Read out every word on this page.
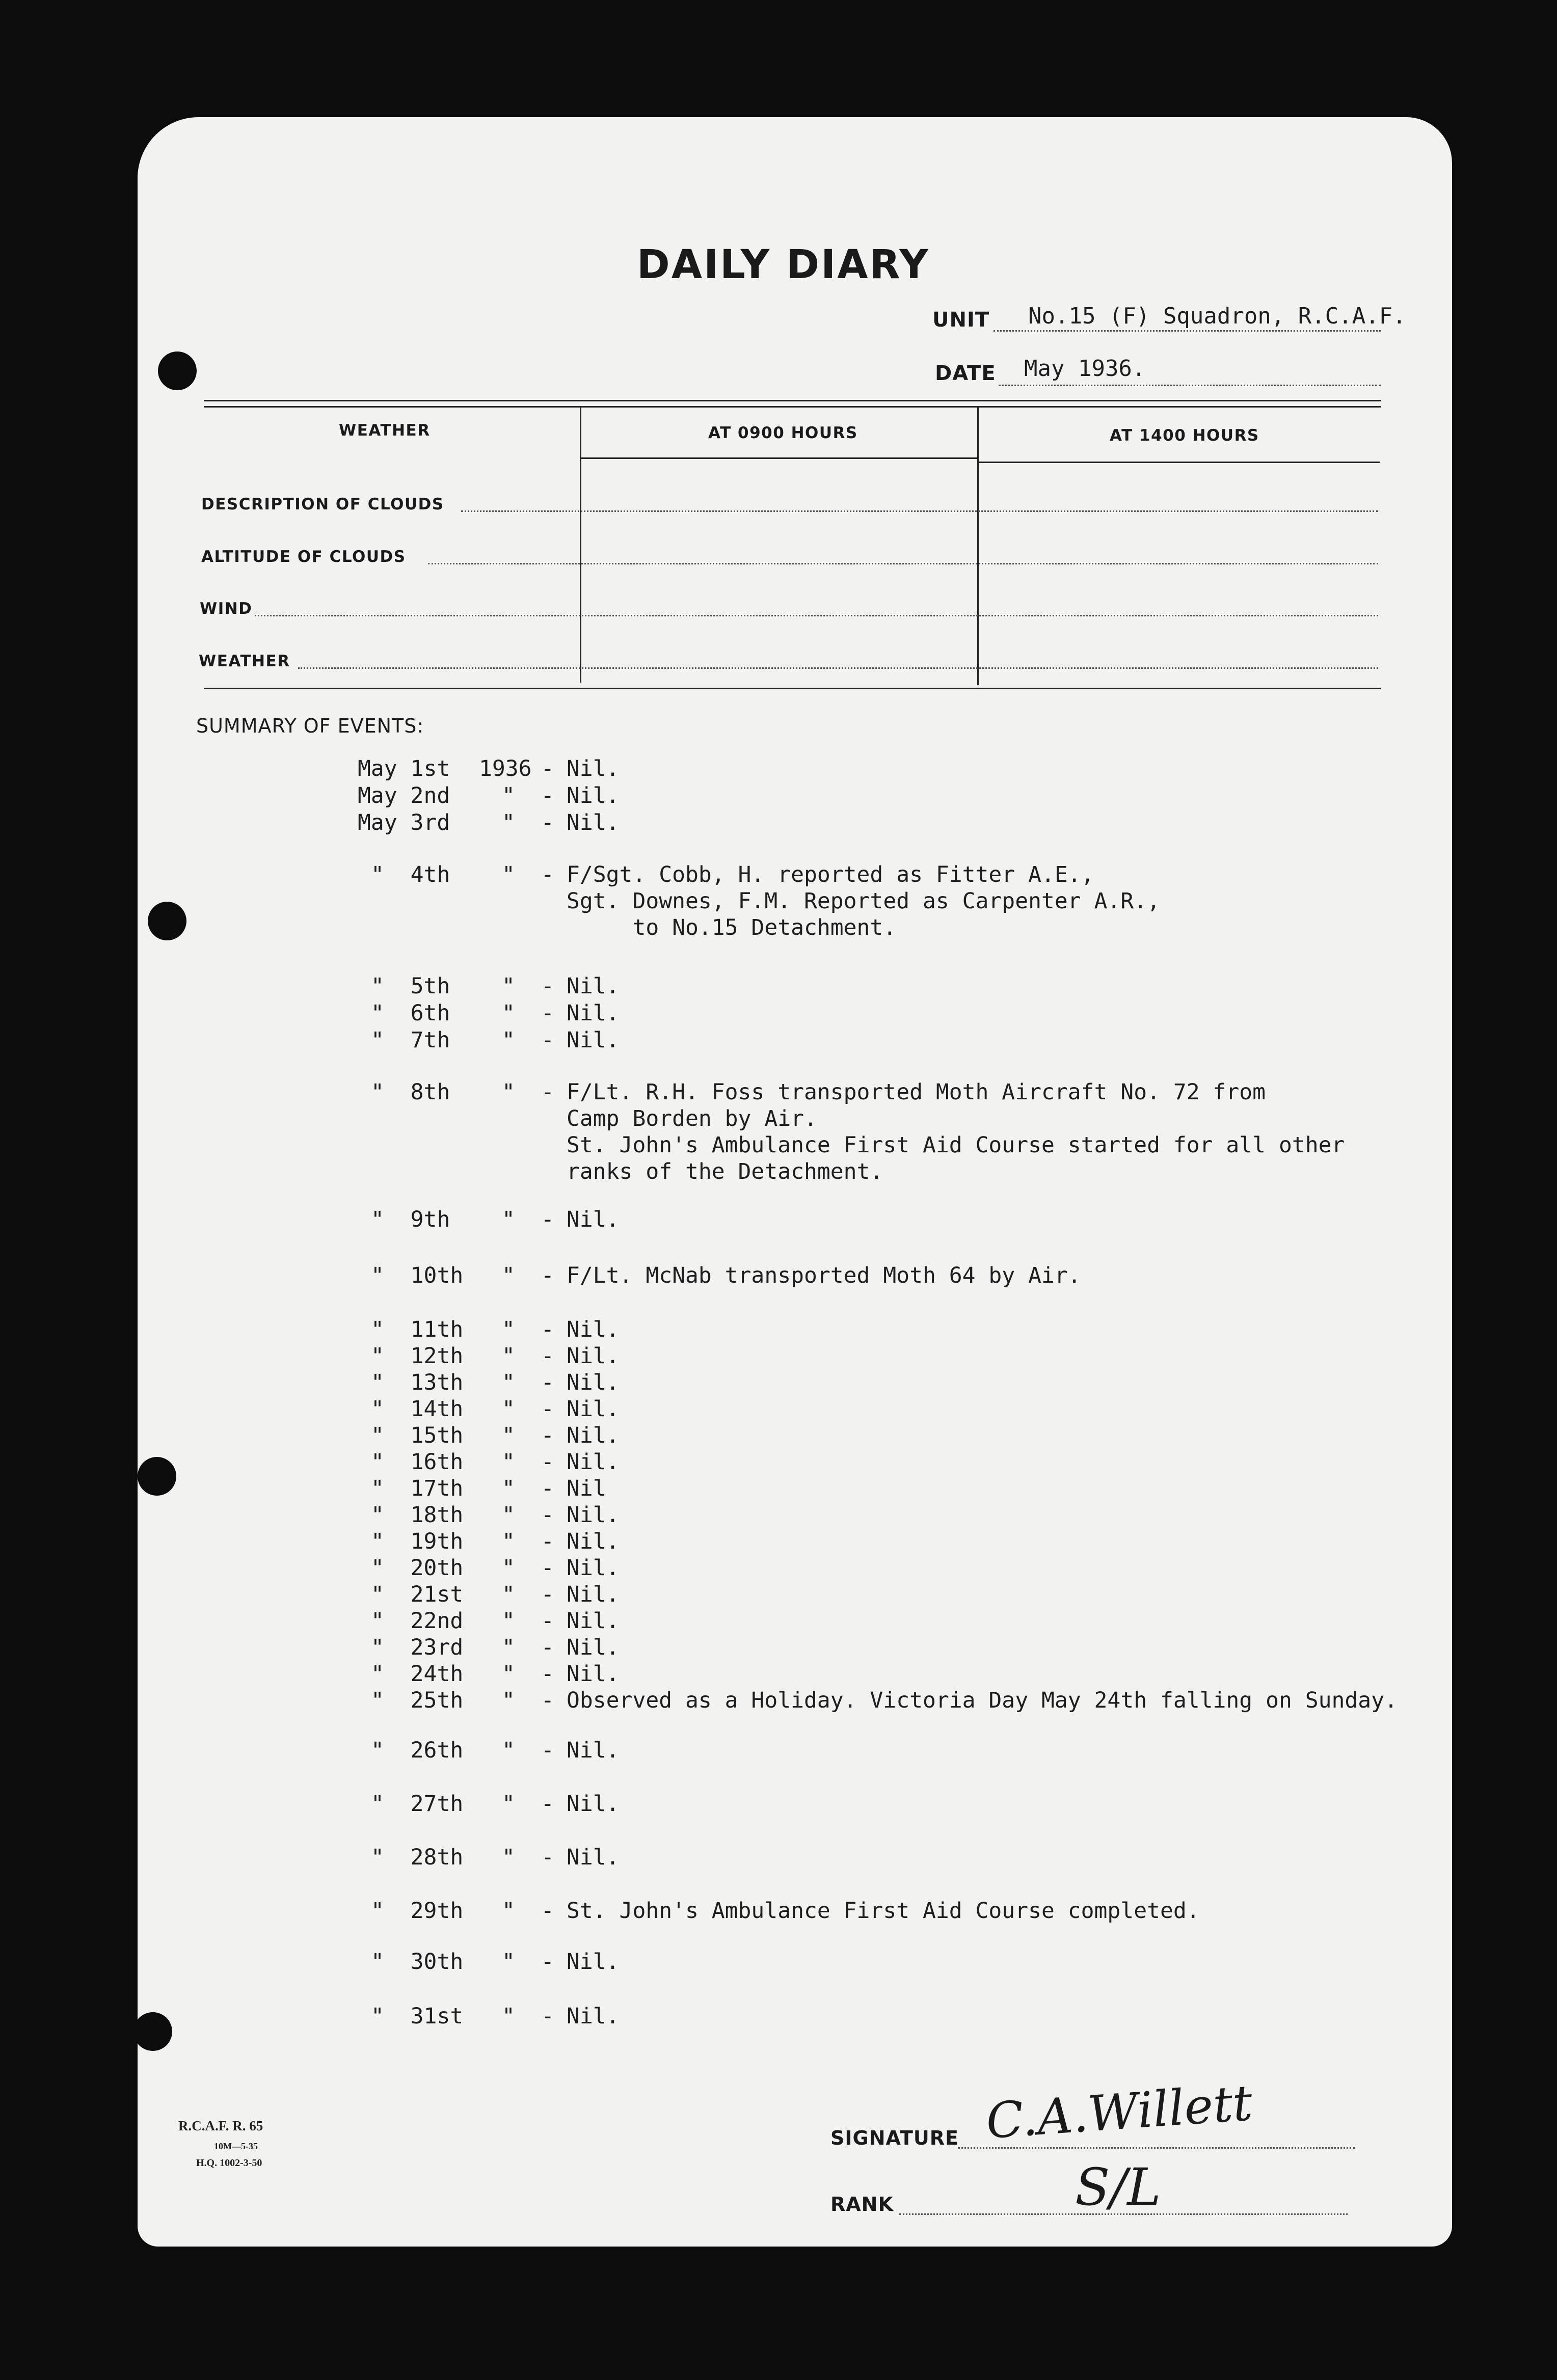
DAILY DIARY
UNIT No.15 (F) Squadron, R.C.A.F.
DATE May 1936.
WEATHER	AT 0900 HOURS	AT 1400 HOURS
DESCRIPTION OF CLOUDS
ALTITUDE OF CLOUDS
WIND
WEATHER
SUMMARY OF EVENTS:
May 1st 1936 - Nil.
May 2nd " - Nil.
May 3rd " - Nil.
"  4th " - F/Sgt. Cobb, H. reported as Fitter A.E.,
Sgt. Downes, F.M. Reported as Carpenter A.R.,
to No.15 Detachment.
"  5th " - Nil.
"  6th " - Nil.
"  7th " - Nil.
"  8th " - F/Lt. R.H. Foss transported Moth Aircraft No. 72 from
Camp Borden by Air.
St. John's Ambulance First Aid Course started for all other
ranks of the Detachment.
"  9th " - Nil.
"  10th " - F/Lt. McNab transported Moth 64 by Air.
"  11th " - Nil.
"  12th " - Nil.
"  13th " - Nil.
"  14th " - Nil.
"  15th " - Nil.
"  16th " - Nil.
"  17th " - Nil
"  18th " - Nil.
"  19th " - Nil.
"  20th " - Nil.
"  21st " - Nil.
"  22nd " - Nil.
"  23rd " - Nil.
"  24th " - Nil.
"  25th " - Observed as a Holiday. Victoria Day May 24th falling on Sunday.
"  26th " - Nil.
"  27th " - Nil.
"  28th " - Nil.
"  29th " - St. John's Ambulance First Aid Course completed.
"  30th " - Nil.
"  31st " - Nil.
R.C.A.F. R. 65
10M—5-35
H.Q. 1002-3-50
SIGNATURE C.A.Willett
RANK	S/L
